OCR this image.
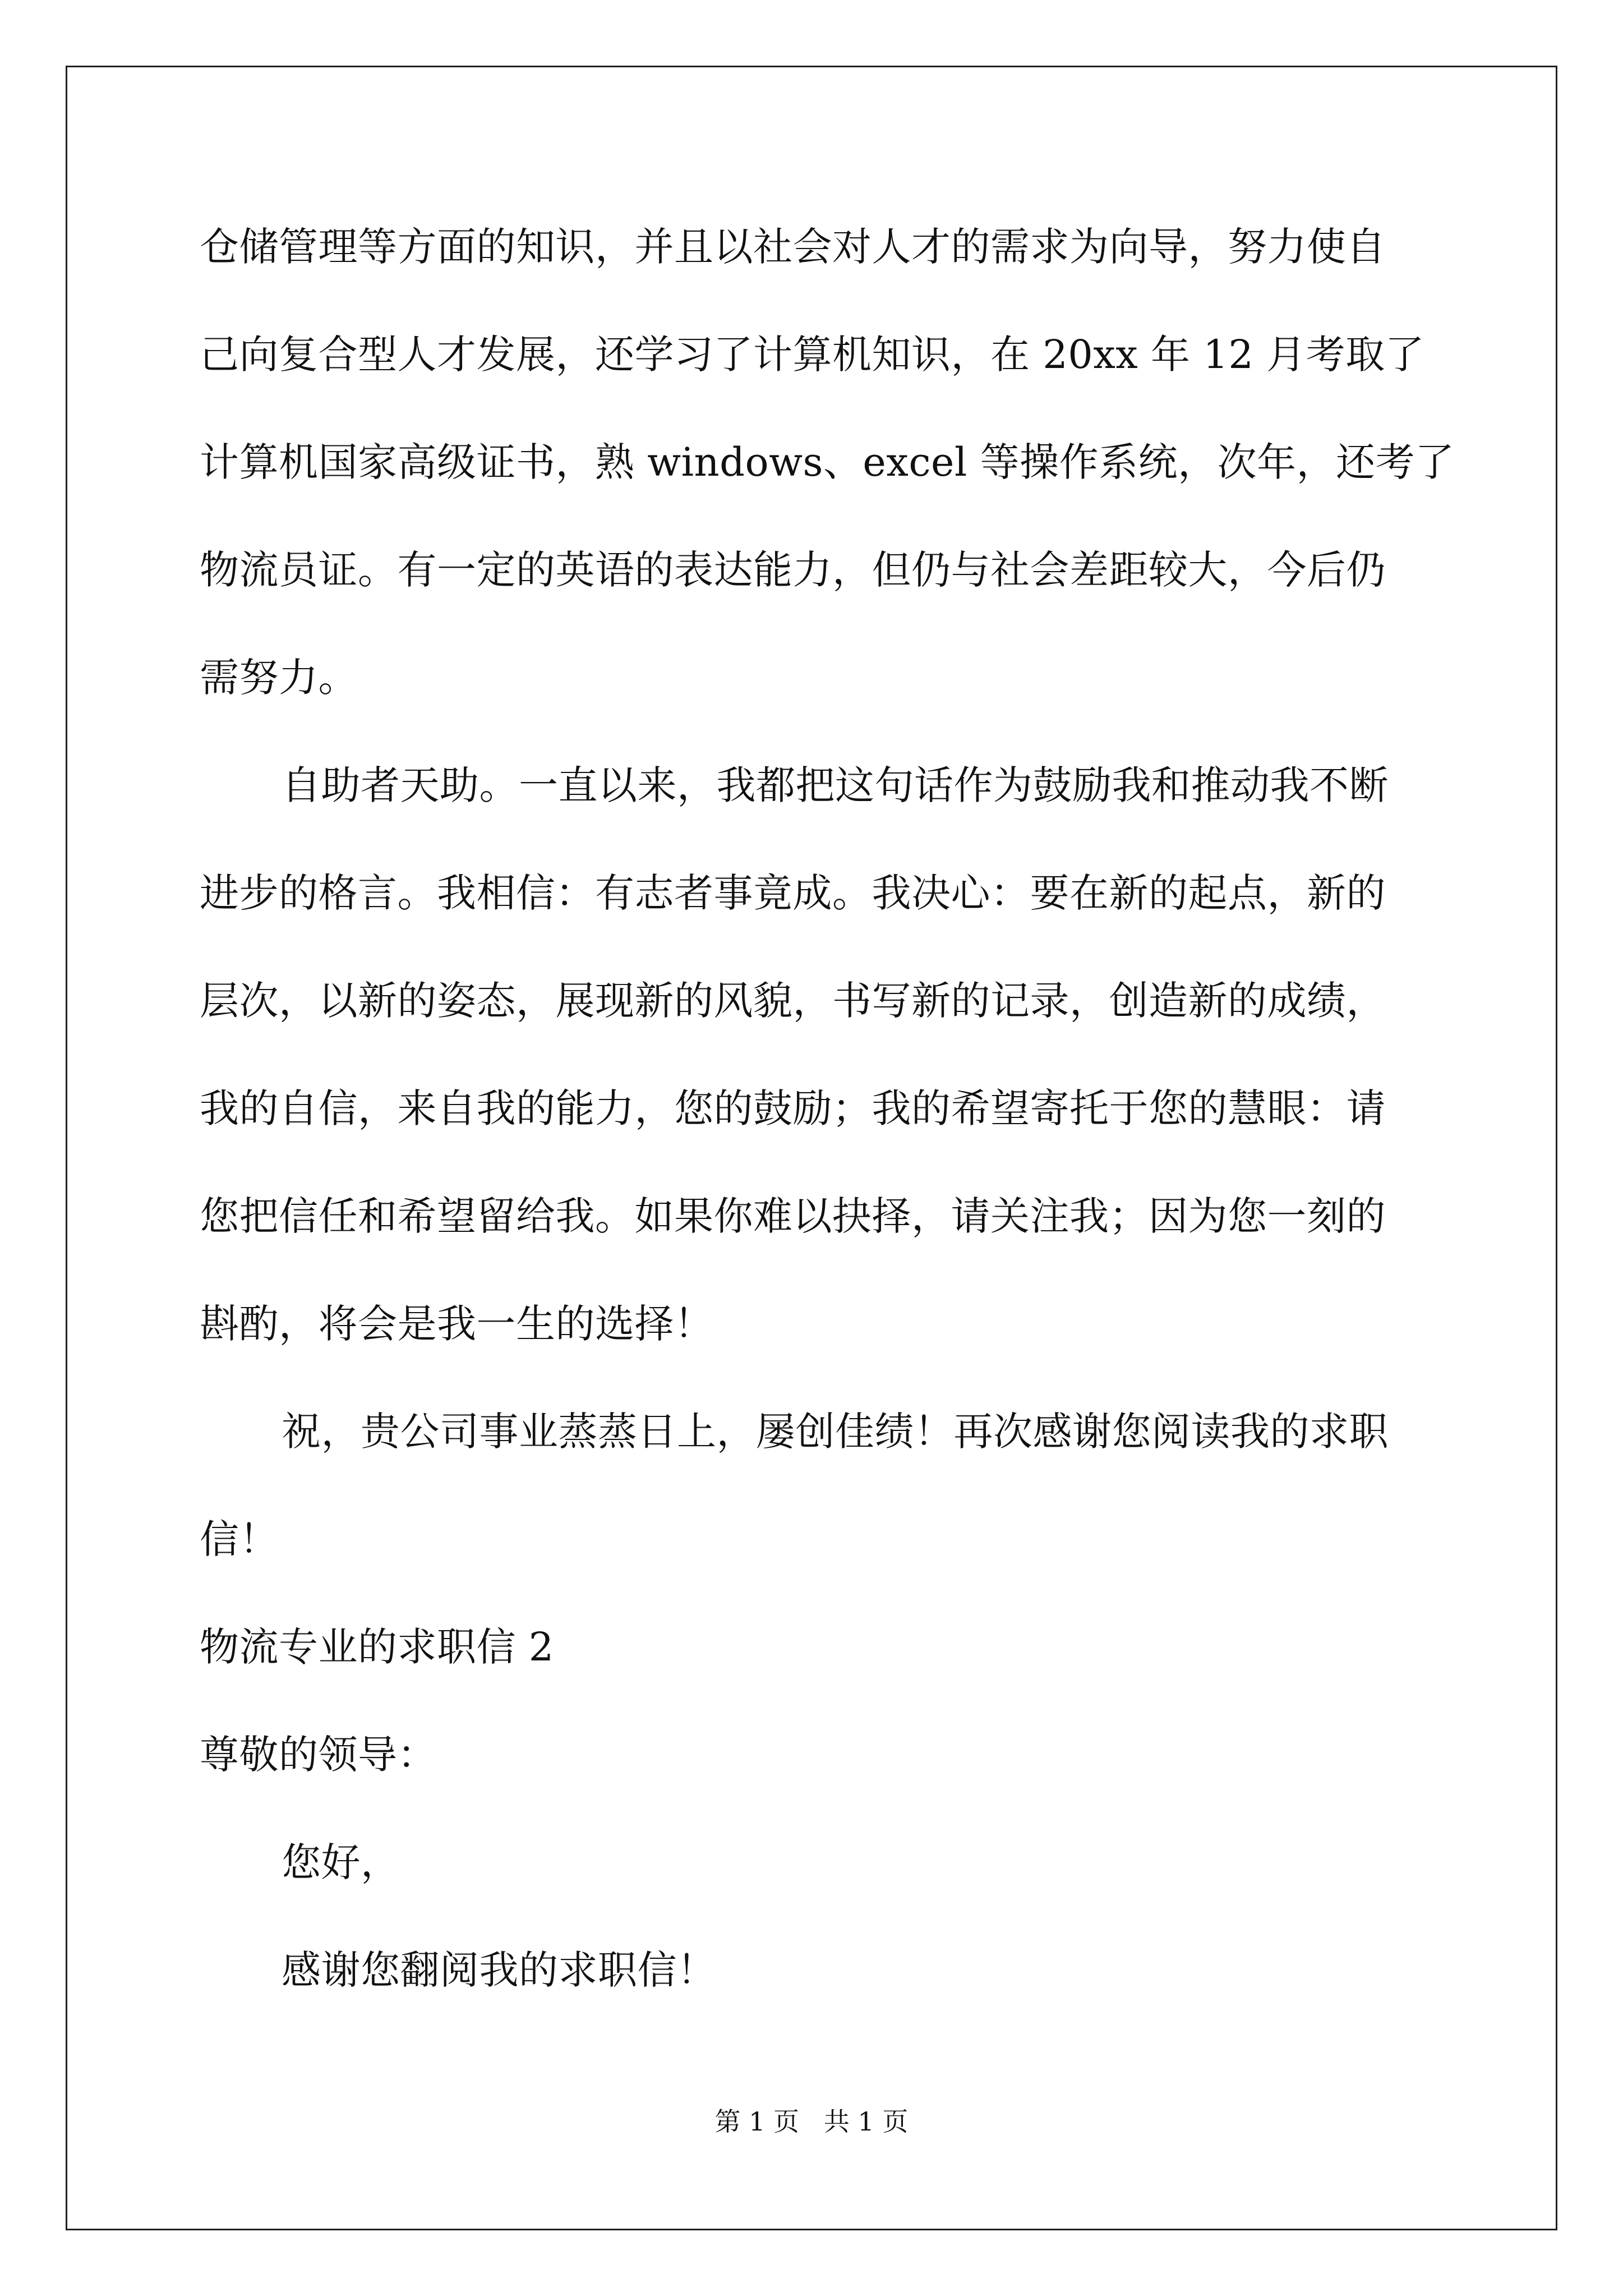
仓储管理等方面的知识，并且以社会对人才的需求为向导，努力使自
己向复合型人才发展，还学习了计算机知识，在 20xx 年 12 月考取了
计算机国家高级证书，熟 windows、excel 等操作系统，次年，还考了
物流员证。有一定的英语的表达能力，但仍与社会差距较大，今后仍
需努力。
自助者天助。一直以来，我都把这句话作为鼓励我和推动我不断
进步的格言。我相信：有志者事竟成。我决心：要在新的起点，新的
层次，以新的姿态，展现新的风貌，书写新的记录，创造新的成绩，
我的自信，来自我的能力，您的鼓励；我的希望寄托于您的慧眼：请
您把信任和希望留给我。如果你难以抉择，请关注我；因为您一刻的
斟酌，将会是我一生的选择！
祝，贵公司事业蒸蒸日上，屡创佳绩！再次感谢您阅读我的求职
信！
物流专业的求职信 2
尊敬的领导：
您好，
感谢您翻阅我的求职信！
第 1 页   共 1 页
